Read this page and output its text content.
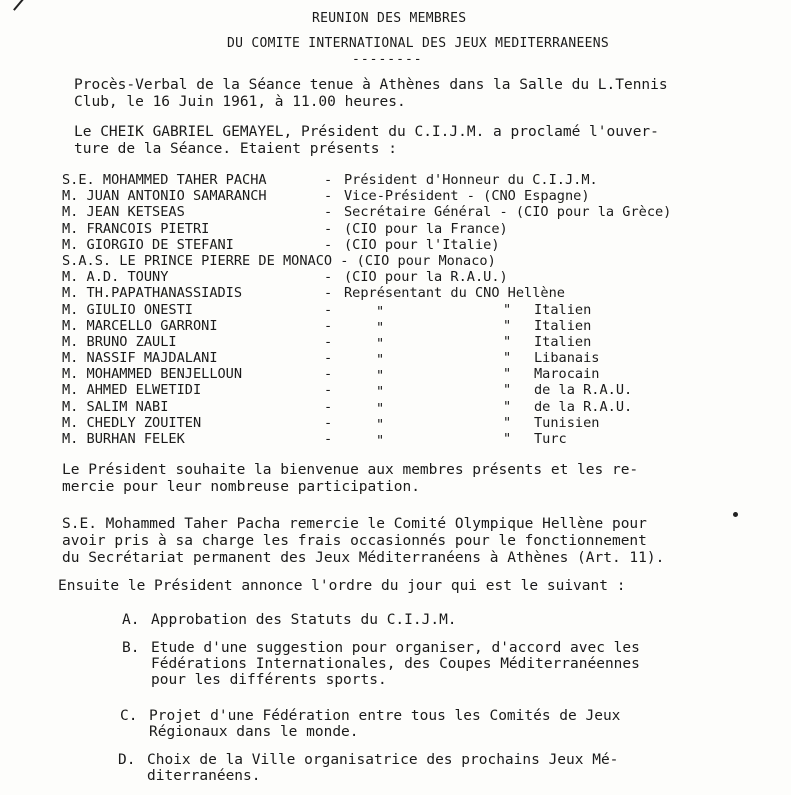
REUNION DES MEMBRES
DU COMITE INTERNATIONAL DES JEUX MEDITERRANEENS
--------
Procès-Verbal de la Séance tenue à Athènes dans la Salle du L.Tennis
Club, le 16 Juin 1961, à 11.00 heures.
Le CHEIK GABRIEL GEMAYEL, Président du C.I.J.M. a proclamé l'ouver-
ture de la Séance. Etaient présents :
S.E. MOHAMMED TAHER PACHA	- Président d'Honneur du C.I.J.M.
M. JUAN ANTONIO SAMARANCH	- Vice-Président - (CNO Espagne)
M. JEAN KETSEAS	- Secrétaire Général - (CIO pour la Grèce)
M. FRANCOIS PIETRI	- (CIO pour la France)
M. GIORGIO DE STEFANI	- (CIO pour l'Italie)
S.A.S. LE PRINCE PIERRE DE MONACO - (CIO pour Monaco)
M. A.D. TOUNY	- (CIO pour la R.A.U.)
M. TH.PAPATHANASSIADIS	- Représentant du CNO Hellène
M. GIULIO ONESTI	-	"	" Italien
M. MARCELLO GARRONI	-	"	" Italien
M. BRUNO ZAULI	-	"	" Italien
M. NASSIF MAJDALANI	-	"	" Libanais
M. MOHAMMED BENJELLOUN	-	"	" Marocain
M. AHMED ELWETIDI	-	"	" de la R.A.U.
M. SALIM NABI	-	"	" de la R.A.U.
M. CHEDLY ZOUITEN	-	"	" Tunisien
M. BURHAN FELEK	-	"	" Turc
Le Président souhaite la bienvenue aux membres présents et les re-
mercie pour leur nombreuse participation.
S.E. Mohammed Taher Pacha remercie le Comité Olympique Hellène pour
avoir pris à sa charge les frais occasionnés pour le fonctionnement
du Secrétariat permanent des Jeux Méditerranéens à Athènes (Art. 11).
Ensuite le Président annonce l'ordre du jour qui est le suivant :
A. Approbation des Statuts du C.I.J.M.
B. Etude d'une suggestion pour organiser, d'accord avec les
Fédérations Internationales, des Coupes Méditerranéennes
pour les différents sports.
C. Projet d'une Fédération entre tous les Comités de Jeux
Régionaux dans le monde.
D. Choix de la Ville organisatrice des prochains Jeux Mé-
diterranéens.
